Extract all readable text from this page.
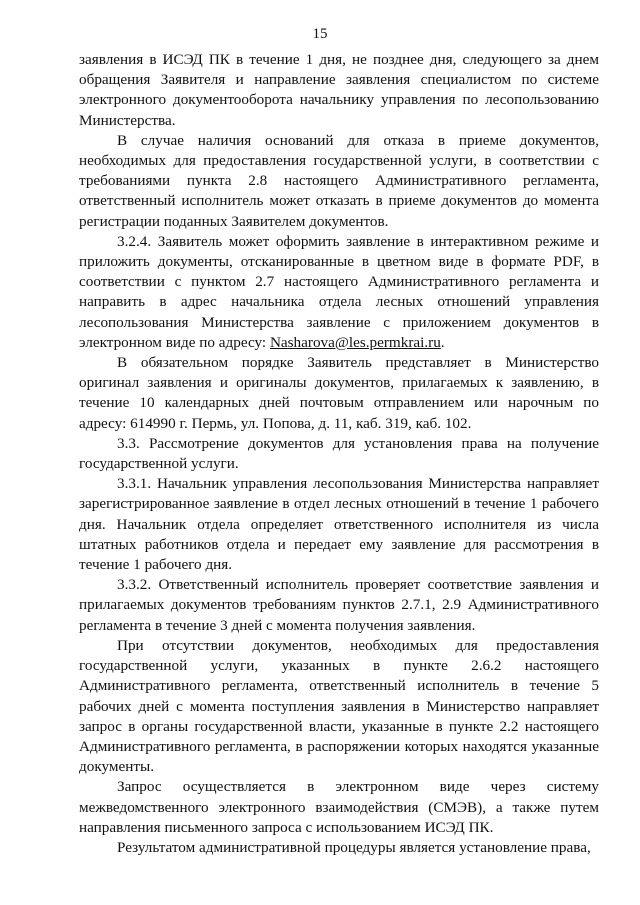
15

заявления в ИСЭД ПК в течение 1 дня, не позднее дня, следующего за днем обращения Заявителя и направление заявления специалистом по системе электронного документооборота начальнику управления по лесопользованию Министерства.

В случае наличия оснований для отказа в приеме документов, необходимых для предоставления государственной услуги, в соответствии с требованиями пункта 2.8 настоящего Административного регламента, ответственный исполнитель может отказать в приеме документов до момента регистрации поданных Заявителем документов.

3.2.4. Заявитель может оформить заявление в интерактивном режиме и приложить документы, отсканированные в цветном виде в формате PDF, в соответствии с пунктом 2.7 настоящего Административного регламента и направить в адрес начальника отдела лесных отношений управления лесопользования Министерства заявление с приложением документов в электронном виде по адресу: Nasharova@les.permkrai.ru.

В обязательном порядке Заявитель представляет в Министерство оригинал заявления и оригиналы документов, прилагаемых к заявлению, в течение 10 календарных дней почтовым отправлением или нарочным по адресу: 614990 г. Пермь, ул. Попова, д. 11, каб. 319, каб. 102.

3.3. Рассмотрение документов для установления права на получение государственной услуги.

3.3.1. Начальник управления лесопользования Министерства направляет зарегистрированное заявление в отдел лесных отношений в течение 1 рабочего дня. Начальник отдела определяет ответственного исполнителя из числа штатных работников отдела и передает ему заявление для рассмотрения в течение 1 рабочего дня.

3.3.2. Ответственный исполнитель проверяет соответствие заявления и прилагаемых документов требованиям пунктов 2.7.1, 2.9 Административного регламента в течение 3 дней с момента получения заявления.

При отсутствии документов, необходимых для предоставления государственной услуги, указанных в пункте 2.6.2 настоящего Административного регламента, ответственный исполнитель в течение 5 рабочих дней с момента поступления заявления в Министерство направляет запрос в органы государственной власти, указанные в пункте 2.2 настоящего Административного регламента, в распоряжении которых находятся указанные документы.

Запрос осуществляется в электронном виде через систему межведомственного электронного взаимодействия (СМЭВ), а также путем направления письменного запроса с использованием ИСЭД ПК.

Результатом административной процедуры является установление права,
